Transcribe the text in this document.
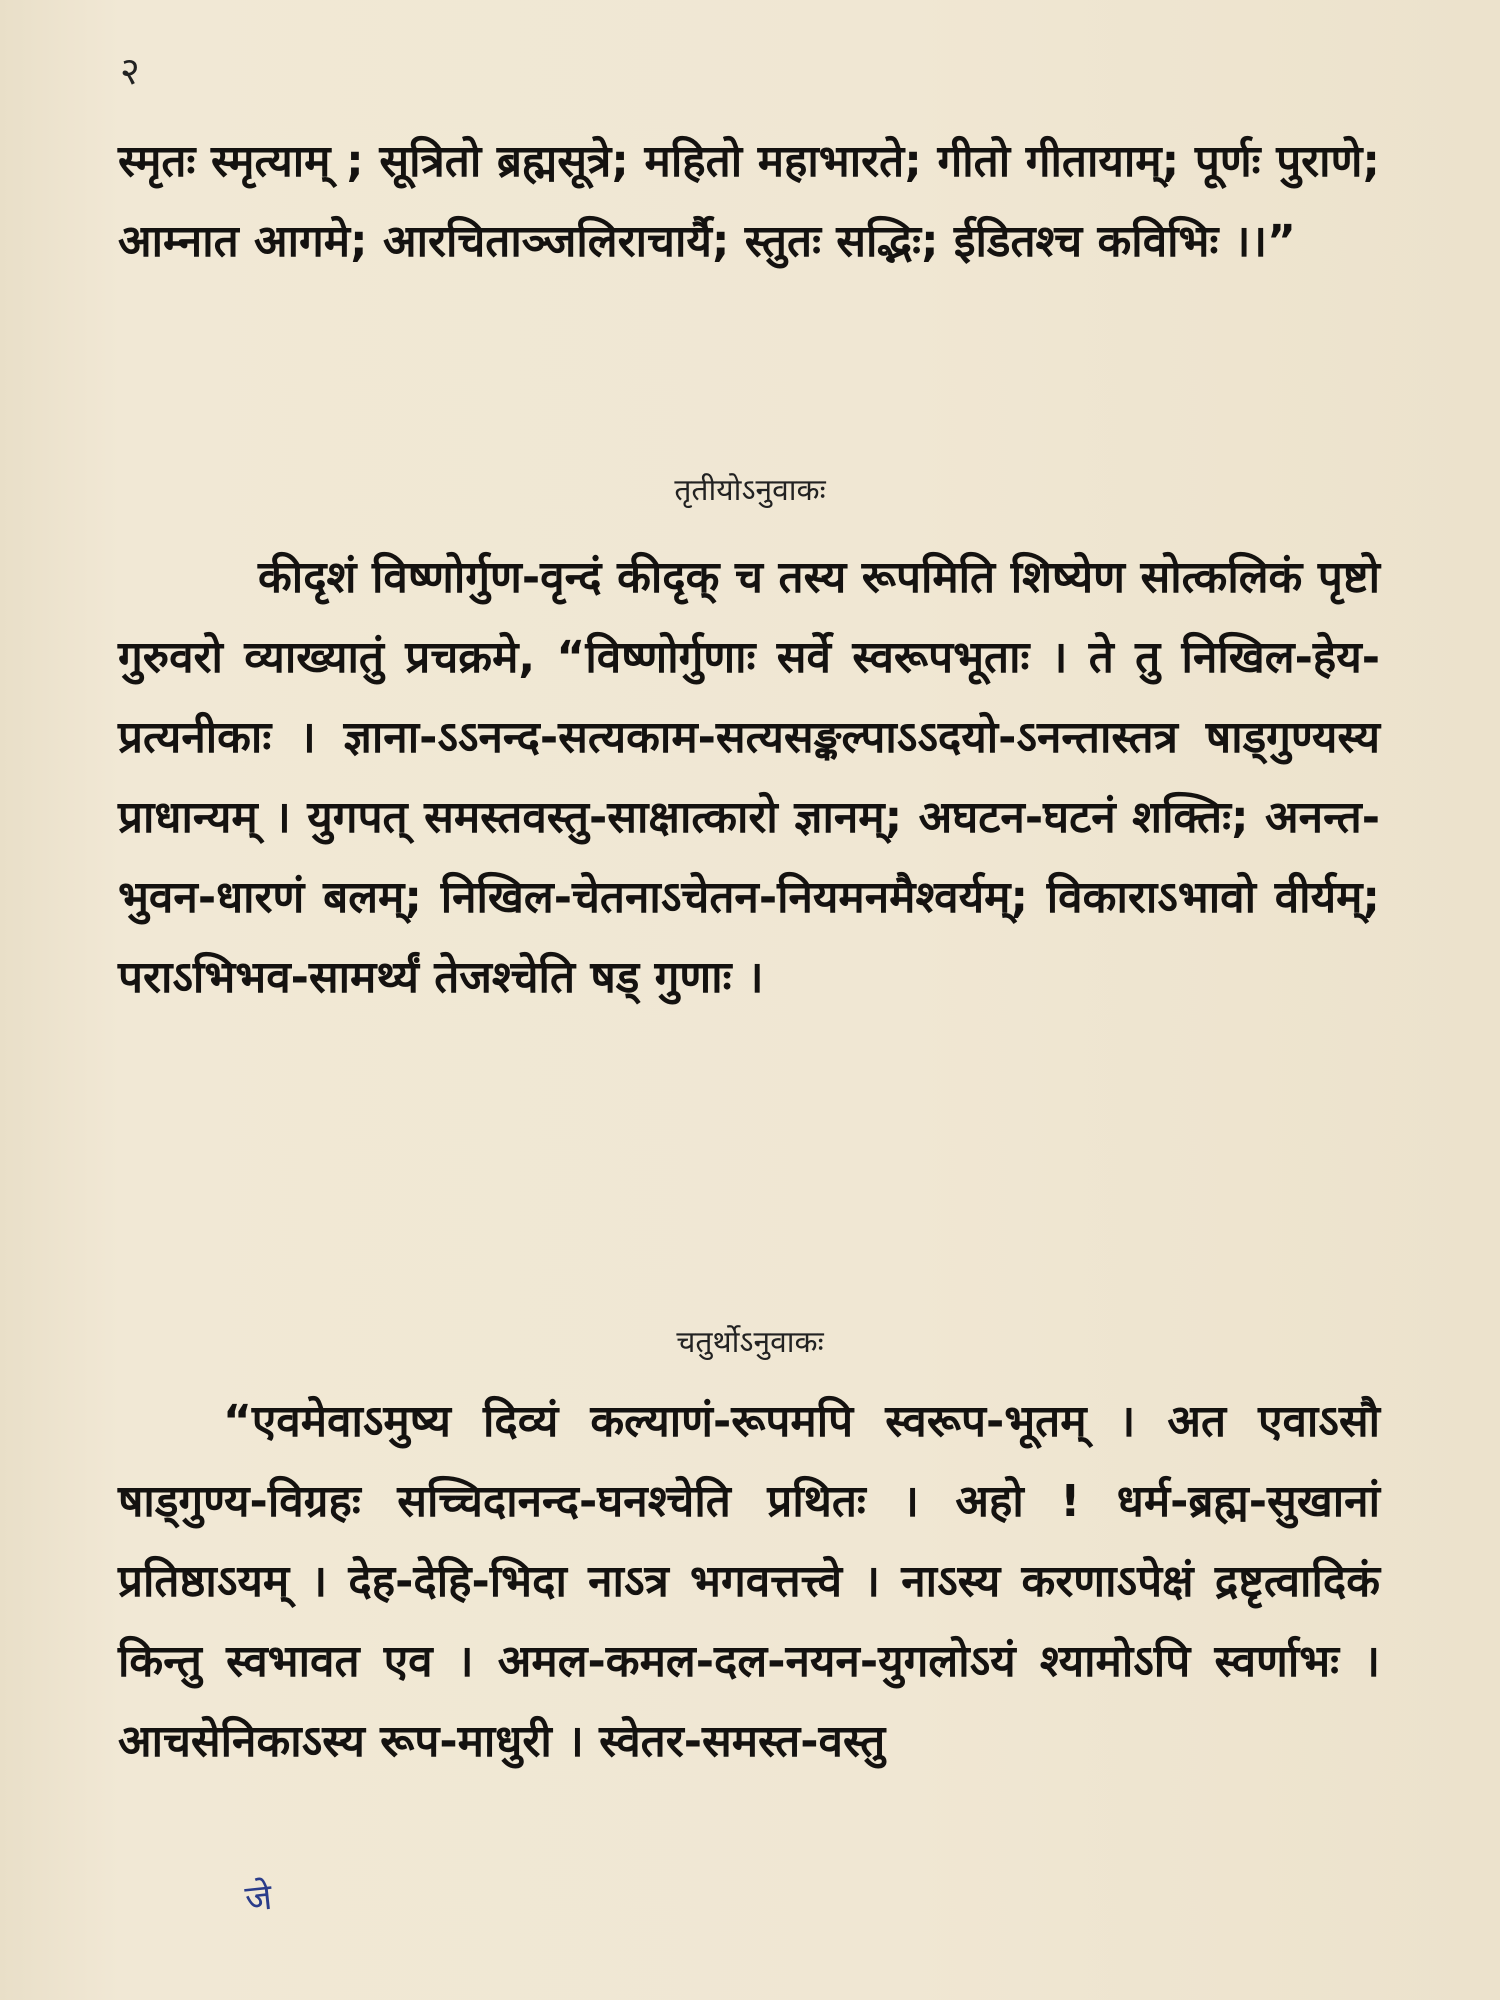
२

स्मृतः स्मृत्याम् ; सूत्रितो ब्रह्मसूत्रे; महितो महाभारते; गीतो गीतायाम्; पूर्णः पुराणे; आम्नात आगमे; आरचिताञ्जलिराचार्यै; स्तुतः सद्भिः; ईडितश्च कविभिः ।।”

तृतीयोऽनुवाकः

कीदृशं विष्णोर्गुण-वृन्दं कीदृक् च तस्य रूपमिति शिष्येण सोत्कलिकं पृष्टो गुरुवरो व्याख्यातुं प्रचक्रमे, “विष्णोर्गुणाः सर्वे स्वरूपभूताः । ते तु निखिल-हेय-प्रत्यनीकाः । ज्ञाना-ऽऽनन्द-सत्यकाम-सत्यसङ्कल्पाऽऽदयो-ऽनन्तास्तत्र षाड्गुण्यस्य प्राधान्यम् । युगपत् समस्तवस्तु-साक्षात्कारो ज्ञानम्; अघटन-घटनं शक्तिः; अनन्त-भुवन-धारणं बलम्; निखिल-चेतनाऽचेतन-नियमनमैश्वर्यम्; विकाराऽभावो वीर्यम्; पराऽभिभव-सामर्थ्यं तेजश्चेति षड् गुणाः ।

चतुर्थोऽनुवाकः

“एवमेवाऽमुष्य दिव्यं कल्याणं-रूपमपि स्वरूप-भूतम् । अत एवाऽसौ षाड्गुण्य-विग्रहः सच्चिदानन्द-घनश्चेति प्रथितः । अहो ! धर्म-ब्रह्म-सुखानां प्रतिष्ठाऽयम् । देह-देहि-भिदा नाऽत्र भगवत्तत्त्वे । नाऽस्य करणाऽपेक्षं द्रष्टृत्वादिकं किन्तु स्वभावत एव । अमल-कमल-दल-नयन-युगलोऽयं श्यामोऽपि स्वर्णाभः । आचसेनिकाऽस्य रूप-माधुरी । स्वेतर-समस्त-वस्तु

जे
